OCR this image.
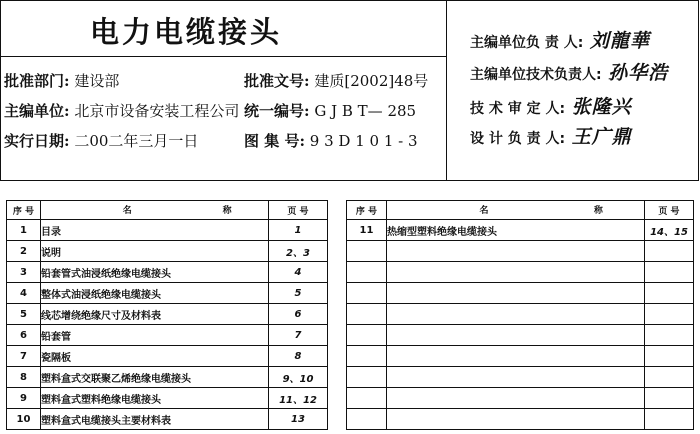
电力电缆接头
批准部门: 建设部	批准文号: 建质[2002]48号
主编单位: 北京市设备安装工程公司 统一编号: G J B T— 285
实行日期: 二00二年三月一日	图 集 号: 9 3 D 1 0 1 - 3
主编单位负 责 人: 刘龍華
主编单位技术负责人: 孙华浩
技 术 审 定 人: 张隆兴
设 计 负 责 人: 王广鼎
序 号	名 称	页 号
1	目录	1
2	说明	2、3
3	铅套管式油浸纸绝缘电缆接头	4
4	整体式油浸纸绝缘电缆接头	5
5	线芯增绕绝缘尺寸及材料表	6
6	铅套管	7
7	瓷隔板	8
8	塑料盒式交联聚乙烯绝缘电缆接头	9、10
9	塑料盒式塑料绝缘电缆接头	11、12
10	塑料盒式电缆接头主要材料表	13
序 号	名 称	页 号
11	热缩型塑料绝缘电缆接头	14、15
